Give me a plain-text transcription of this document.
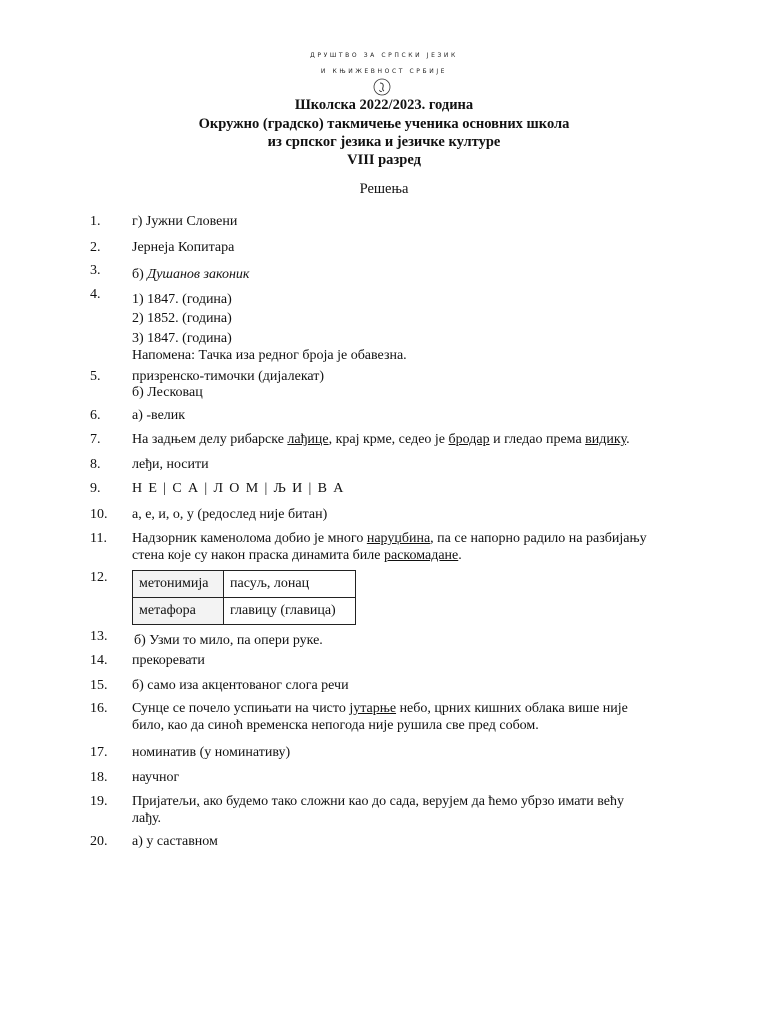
ДРУШТВО ЗА СРПСКИ ЈЕЗИК
И КЊИЖЕВНОСТ СРБИЈЕ
Школска 2022/2023. година
Окружно (градско) такмичење ученика основних школа
из српског језика и језичке културе
VIII разред
Решења
1. г) Јужни Словени
2. Јернеја Копитара
3. б) Душанов законик
4. 1) 1847. (година)
2) 1852. (година)
3) 1847. (година)
Напомена: Тачка иза редног броја је обавезна.
5. призренско-тимочки (дијалекат)
б) Лесковац
6. а) -велик
7. На задњем делу рибарске лађице, крај крме, седео је бродар и гледао према видику.
8. леђи, носити
9. Н Е | С А | Л О М | Љ И | В А
10. а, е, и, о, у (редослед није битан)
11. Надзорник каменолома добио је много наруџбина, па се напорно радило на разбијању
стена које су након праска динамита биле раскомадане.
12. метонимија	пасуљ, лонац
метафора	главицу (главица)
13. б) Узми то мило, па опери руке.
14. прекоревати
15. б) само иза акцентованог слога речи
16. Сунце се почело успињати на чисто јутарње небо, црних кишних облака више није
било, као да синоћ временска непогода није рушила све пред собом.
17. номинатив (у номинативу)
18. научног
19. Пријатељи, ако будемо тако сложни као до сада, верујем да ћемо убрзо имати већу
лађу.
20. а) у саставном
